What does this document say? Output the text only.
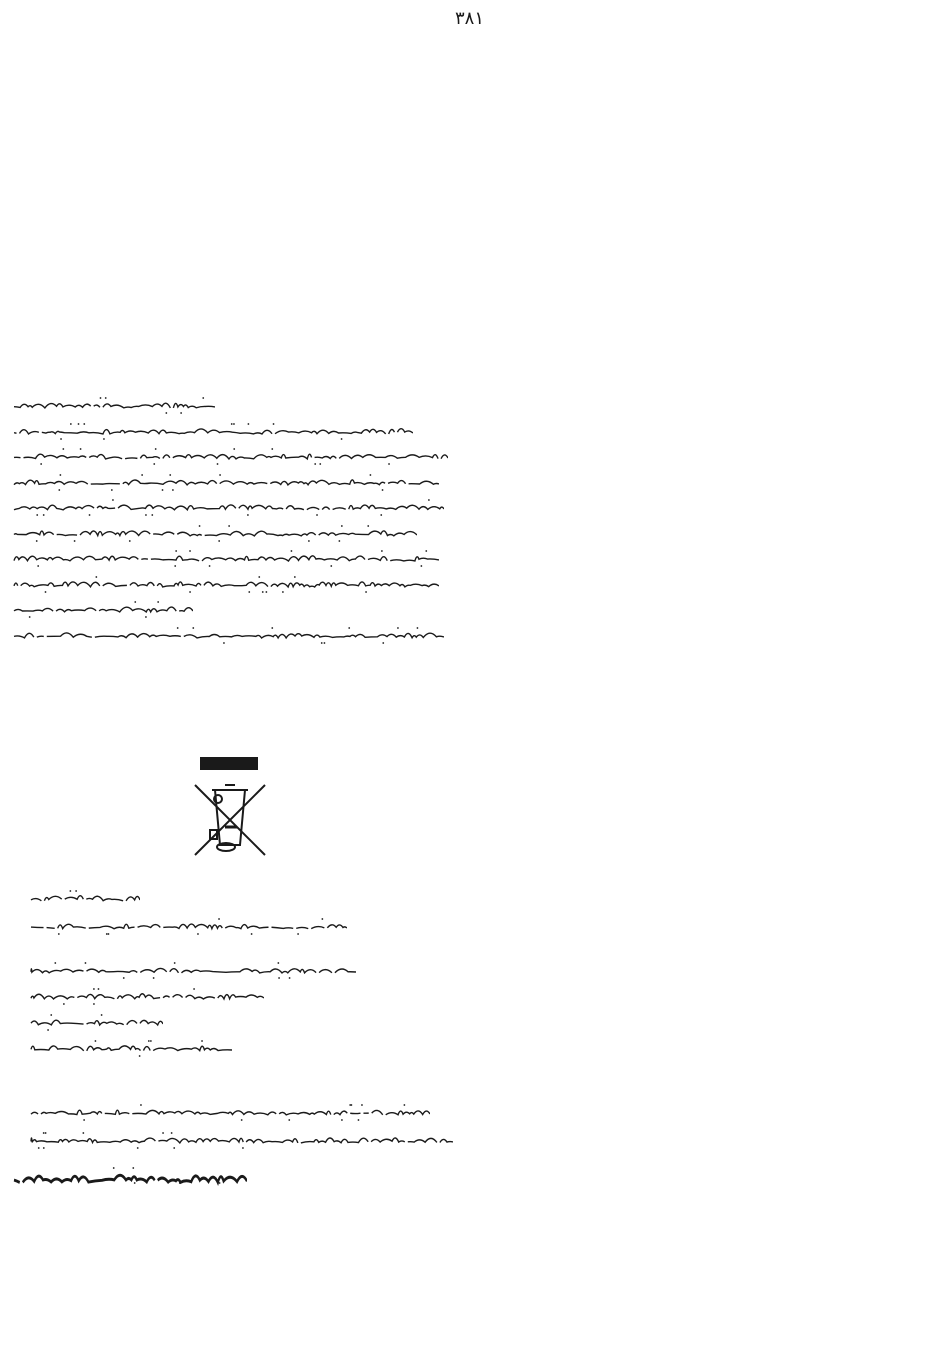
٣٨١
